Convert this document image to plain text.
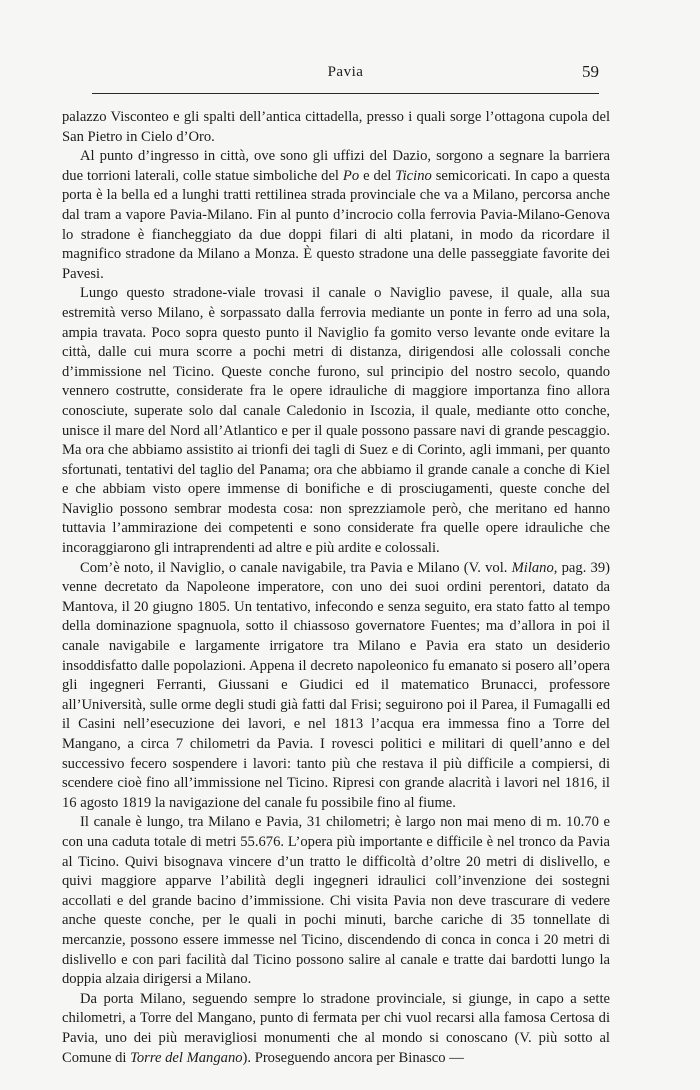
Pavia	59

palazzo Visconteo e gli spalti dell’antica cittadella, presso i quali sorge l’ottagona cupola del San Pietro in Cielo d’Oro.

Al punto d’ingresso in città, ove sono gli uffizi del Dazio, sorgono a segnare la barriera due torrioni laterali, colle statue simboliche del Po e del Ticino semicoricati. In capo a questa porta è la bella ed a lunghi tratti rettilinea strada provinciale che va a Milano, percorsa anche dal tram a vapore Pavia-Milano. Fin al punto d’incrocio colla ferrovia Pavia-Milano-Genova lo stradone è fiancheggiato da due doppi filari di alti platani, in modo da ricordare il magnifico stradone da Milano a Monza. È questo stradone una delle passeggiate favorite dei Pavesi.

Lungo questo stradone-viale trovasi il canale o Naviglio pavese, il quale, alla sua estremità verso Milano, è sorpassato dalla ferrovia mediante un ponte in ferro ad una sola, ampia travata. Poco sopra questo punto il Naviglio fa gomito verso levante onde evitare la città, dalle cui mura scorre a pochi metri di distanza, dirigendosi alle colossali conche d’immissione nel Ticino. Queste conche furono, sul principio del nostro secolo, quando vennero costrutte, considerate fra le opere idrauliche di maggiore importanza fino allora conosciute, superate solo dal canale Caledonio in Iscozia, il quale, mediante otto conche, unisce il mare del Nord all’Atlantico e per il quale possono passare navi di grande pescaggio. Ma ora che abbiamo assistito ai trionfi dei tagli di Suez e di Corinto, agli immani, per quanto sfortunati, tentativi del taglio del Panama; ora che abbiamo il grande canale a conche di Kiel e che abbiam visto opere immense di bonifiche e di prosciugamenti, queste conche del Naviglio possono sembrar modesta cosa: non sprezziamole però, che meritano ed hanno tuttavia l’ammirazione dei competenti e sono considerate fra quelle opere idrauliche che incoraggiarono gli intraprendenti ad altre e più ardite e colossali.

Com’è noto, il Naviglio, o canale navigabile, tra Pavia e Milano (V. vol. Milano, pag. 39) venne decretato da Napoleone imperatore, con uno dei suoi ordini perentori, datato da Mantova, il 20 giugno 1805. Un tentativo, infecondo e senza seguito, era stato fatto al tempo della dominazione spagnuola, sotto il chiassoso governatore Fuentes; ma d’allora in poi il canale navigabile e largamente irrigatore tra Milano e Pavia era stato un desiderio insoddisfatto dalle popolazioni. Appena il decreto napoleonico fu emanato si posero all’opera gli ingegneri Ferranti, Giussani e Giudici ed il matematico Brunacci, professore all’Università, sulle orme degli studi già fatti dal Frisi; seguirono poi il Parea, il Fumagalli ed il Casini nell’esecuzione dei lavori, e nel 1813 l’acqua era immessa fino a Torre del Mangano, a circa 7 chilometri da Pavia. I rovesci politici e militari di quell’anno e del successivo fecero sospendere i lavori: tanto più che restava il più difficile a compiersi, di scendere cioè fino all’immissione nel Ticino. Ripresi con grande alacrità i lavori nel 1816, il 16 agosto 1819 la navigazione del canale fu possibile fino al fiume.

Il canale è lungo, tra Milano e Pavia, 31 chilometri; è largo non mai meno di m. 10.70 e con una caduta totale di metri 55.676. L’opera più importante e difficile è nel tronco da Pavia al Ticino. Quivi bisognava vincere d’un tratto le difficoltà d’oltre 20 metri di dislivello, e quivi maggiore apparve l’abilità degli ingegneri idraulici coll’invenzione dei sostegni accollati e del grande bacino d’immissione. Chi visita Pavia non deve trascurare di vedere anche queste conche, per le quali in pochi minuti, barche cariche di 35 tonnellate di mercanzie, possono essere immesse nel Ticino, discendendo di conca in conca i 20 metri di dislivello e con pari facilità dal Ticino possono salire al canale e tratte dai bardotti lungo la doppia alzaia dirigersi a Milano.

Da porta Milano, seguendo sempre lo stradone provinciale, si giunge, in capo a sette chilometri, a Torre del Mangano, punto di fermata per chi vuol recarsi alla famosa Certosa di Pavia, uno dei più meravigliosi monumenti che al mondo si conoscano (V. più sotto al Comune di Torre del Mangano). Proseguendo ancora per Binasco —
